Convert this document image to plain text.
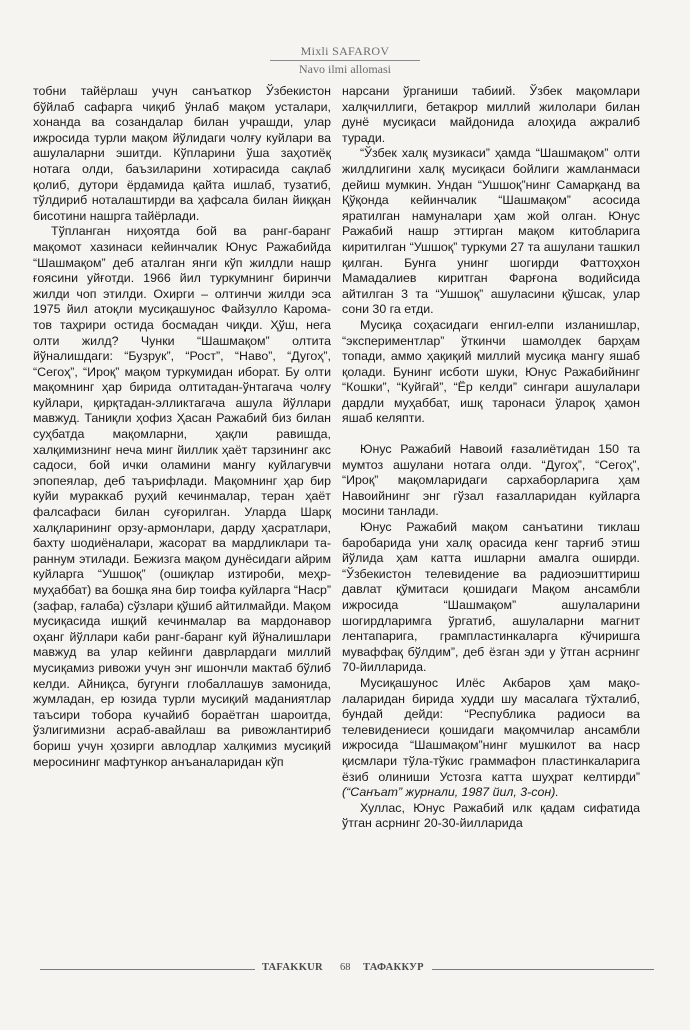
Mixli SAFAROV
Navo ilmi allomasi

тобни тайёрлаш учун санъаткор Ўзбекистон бўйлаб сафарга чиқиб ўнлаб мақом усталари, хонанда ва созандалар билан учрашди, улар ижросида турли мақом йўлидаги чолғу куйлари ва ашулаларни эшитди. Кўпларини ўша заҳотиёқ нотага олди, баъзиларини хотирасида сақлаб қолиб, дутори ёрдамида қайта ишлаб, тузатиб, тўлдириб ноталаштирди ва ҳафсала билан йиққан бисотини нашрга тайёрлади.

Тўпланган ниҳоятда бой ва ранг-баранг мақомот хазинаси кейинчалик Юнус Ражабийда “Шашмақом” деб аталган янги кўп жилдли нашр ғоясини уйғотди. 1966 йил туркумнинг биринчи жилди чоп этилди. Охирги – олтинчи жилди эса 1975 йил атоқли мусиқашунос Файзулло Кароматов таҳрири остида босмадан чиқди. Ҳўш, нега олти жилд? Чунки “Шашмақом” олтита йўналишдаги: “Бузрук”, “Рост”, “Наво”, “Дугоҳ”, “Сегоҳ”, “Ироқ” мақом туркумидан иборат. Бу олти мақомнинг ҳар бирида олтитадан-ўнтагача чолғу куйлари, қирқтадан-элликтагача ашула йўллари мавжуд. Таниқли ҳофиз Ҳасан Ражабий биз билан суҳбатда мақомларни, ҳақли равишда, халқимизнинг неча минг йиллик ҳаёт тарзининг акс садоси, бой ички оламини мангу куйлагувчи эпопеялар, деб таърифлади. Мақомнинг ҳар бир куйи мураккаб руҳий кечинмалар, теран ҳаёт фалсафаси билан суғорилган. Уларда Шарқ халқларининг орзу-армонлари, дарду ҳасратлари, бахту шодиёналари, жасорат ва мардликлари тараннум этилади. Бежизга мақом дунёсидаги айрим куйларга “Ушшоқ” (ошиқлар изтироби, меҳр-муҳаббат) ва бошқа яна бир тоифа куйларга “Наср” (зафар, ғалаба) сўзлари қўшиб айтилмайди. Мақом мусиқасида ишқий кечинмалар ва мардонавор оҳанг йўллари каби ранг-баранг куй йўналишлари мавжуд ва улар кейинги даврлардаги миллий мусиқамиз ривожи учун энг ишончли мактаб бўлиб келди. Айниқса, бугунги глобаллашув замонида, жумладан, ер юзида турли мусиқий маданиятлар таъсири тобора кучайиб бораётган шароитда, ўзлигимизни асраб-авайлаш ва ривожлантириб бориш учун ҳозирги авлодлар халқимиз мусиқий меросининг мафтункор анъаналаридан кўп

нарсани ўрганиши табиий. Ўзбек мақомлари халқчиллиги, бетакрор миллий жилолари билан дунё мусиқаси майдонида алоҳида ажралиб туради.

“Ўзбек халқ музикаси” ҳамда “Шашмақом” олти жилдлигини халқ мусиқаси бойлиги жамланмаси дейиш мумкин. Ундан “Ушшоқ”нинг Самарқанд ва Қўқонда кейинчалик “Шашмақом” асосида яратилган намуналари ҳам жой олган. Юнус Ражабий нашр эттирган мақом китобларига киритилган “Ушшоқ” туркуми 27 та ашулани ташкил қилган. Бунга унинг шогирди Фаттоҳхон Мамадалиев киритган Фарғона водийсида айтилган 3 та “Ушшоқ” ашуласини қўшсак, улар сони 30 га етди.

Мусиқа соҳасидаги енгил-елпи изланишлар, “экспериментлар” ўткинчи шамолдек барҳам топади, аммо ҳақиқий миллий мусиқа мангу яшаб қолади. Бунинг исботи шуки, Юнус Ражабийнинг “Кошки”, “Куйгай”, “Ёр келди” сингари ашулалари дардли муҳаббат, ишқ таронаси ўлароқ ҳамон яшаб келяпти.

Юнус Ражабий Навоий ғазалиётидан 150 та мумтоз ашулани нотага олди. “Дугоҳ”, “Сегоҳ”, “Ироқ” мақомларидаги сархаборларига ҳам Навоийнинг энг гўзал ғазалларидан куйларга мосини танлади.

Юнус Ражабий мақом санъатини тиклаш баробарида уни халқ орасида кенг тарғиб этиш йўлида ҳам катта ишларни амалга оширди. “Ўзбекистон телевидение ва радиоэшиттириш давлат қўмитаси қошидаги Мақом ансамбли ижросида “Шашмақом” ашулаларини шогирдларимга ўргатиб, ашулаларни магнит лентапарига, грампластинкаларга кўчиришга муваффақ бўлдим”, деб ёзган эди у ўтган асрнинг 70-йилларида.

Мусиқашунос Илёс Акбаров ҳам мақолаларидан бирида худди шу масалага тўхталиб, бундай дейди: “Республика радиоси ва телевидениеси қошидаги мақомчилар ансамбли ижросида “Шашмақом”нинг мушкилот ва наср қисмлари тўла-тўкис граммафон пластинкаларига ёзиб олиниши Устозга катта шуҳрат келтирди” (“Санъат” журнали, 1987 йил, 3-сон).

Хуллас, Юнус Ражабий илк қадам сифатида ўтган асрнинг 20-30-йилларида

TAFAKKUR 68 ТАФАККУР
